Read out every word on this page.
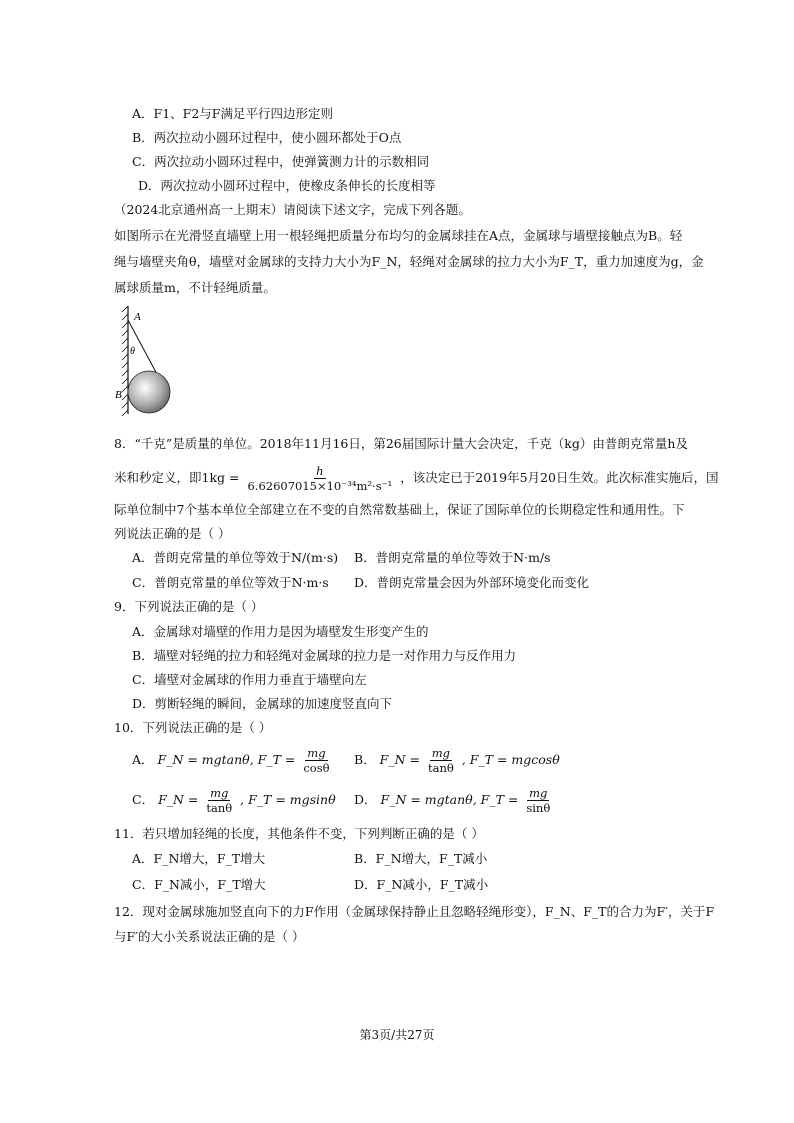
A．F1、F2与F满足平行四边形定则
B．两次拉动小圆环过程中，使小圆环都处于O点
C．两次拉动小圆环过程中，使弹簧测力计的示数相同
D．两次拉动小圆环过程中，使橡皮条伸长的长度相等
（2024北京通州高一上期末）请阅读下述文字，完成下列各题。
如图所示在光滑竖直墙壁上用一根轻绳把质量分布均匀的金属球挂在A点，金属球与墙壁接触点为B。轻
绳与墙壁夹角θ，墙壁对金属球的支持力大小为F_N，轻绳对金属球的拉力大小为F_T，重力加速度为g，金
属球质量m，不计轻绳质量。
A
θ
B
8．“千克”是质量的单位。2018年11月16日，第26届国际计量大会决定，千克（kg）由普朗克常量h及
米和秒定义，即$1kg = \frac{h}{\text{6.62607015×10⁻³⁴m²·s⁻¹}}$ ，该决定已于2019年5月20日生效。此次标准实施后，国
际单位制中7个基本单位全部建立在不变的自然常数基础上，保证了国际单位的长期稳定性和通用性。下
列说法正确的是（ ）
A．普朗克常量的单位等效于N/(m·s) B．普朗克常量的单位等效于N·m/s
C．普朗克常量的单位等效于N·m·s D．普朗克常量会因为外部环境变化而变化
9．下列说法正确的是（ ）
A．金属球对墙壁的作用力是因为墙壁发生形变产生的
B．墙壁对轻绳的拉力和轻绳对金属球的拉力是一对作用力与反作用力
C．墙壁对金属球的作用力垂直于墙壁向左
D．剪断轻绳的瞬间，金属球的加速度竖直向下
10．下列说法正确的是（ ）
A． F_N = mgtanθ, F_T = $\frac{mg}{\cos\theta}$ B． F_N = $\frac{mg}{\tan\theta}$ , F_T = mgcosθ
C． F_N = $\frac{mg}{\tan\theta}$ , F_T = mgsinθ D． F_N = mgtanθ, F_T = $\frac{mg}{\sin\theta}$
11．若只增加轻绳的长度，其他条件不变，下列判断正确的是（ ）
A．F_N增大，F_T增大	B．F_N增大，F_T减小
C．F_N减小，F_T增大	D．F_N减小，F_T减小
12．现对金属球施加竖直向下的力F作用（金属球保持静止且忽略轻绳形变），F_N、F_T的合力为F′，关于F
与F′的大小关系说法正确的是（ ）
第3页/共27页
